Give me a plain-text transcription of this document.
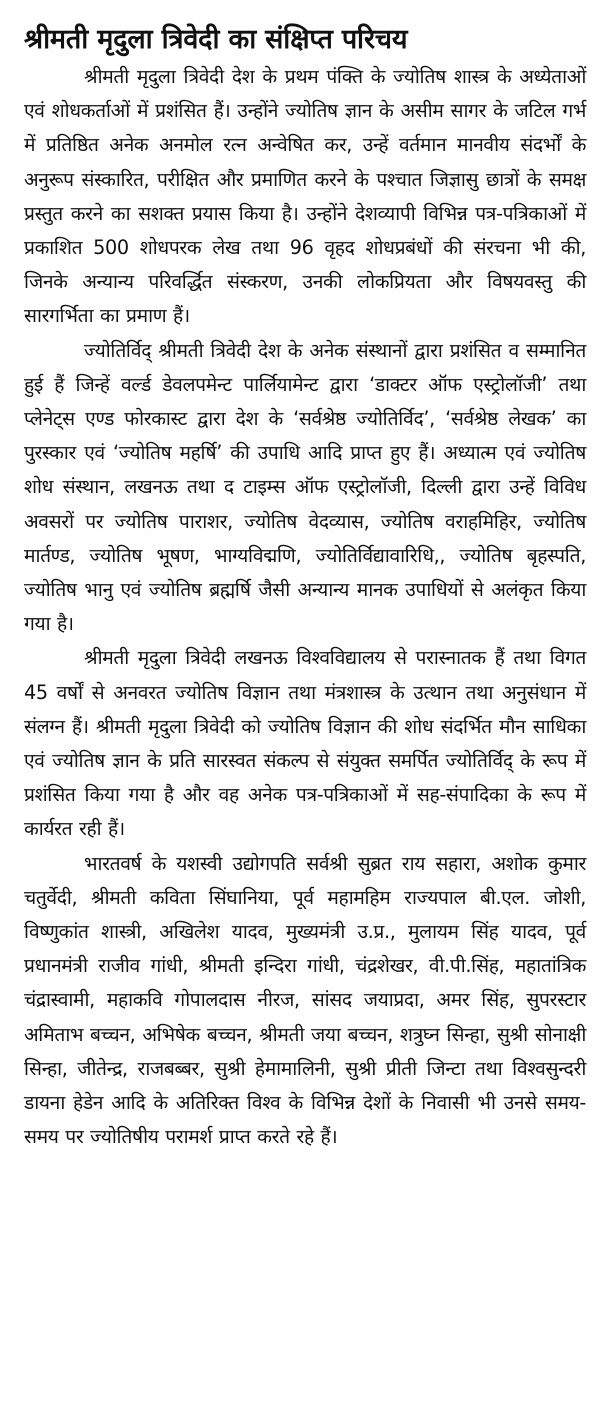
श्रीमती मृदुला त्रिवेदी का संक्षिप्त परिचय

श्रीमती मृदुला त्रिवेदी देश के प्रथम पंक्ति के ज्योतिष शास्त्र के अध्येताओं एवं शोधकर्ताओं में प्रशंसित हैं। उन्होंने ज्योतिष ज्ञान के असीम सागर के जटिल गर्भ में प्रतिष्ठित अनेक अनमोल रत्न अन्वेषित कर, उन्हें वर्तमान मानवीय संदर्भों के अनुरूप संस्कारित, परीक्षित और प्रमाणित करने के पश्चात जिज्ञासु छात्रों के समक्ष प्रस्तुत करने का सशक्त प्रयास किया है। उन्होंने देशव्यापी विभिन्न पत्र-पत्रिकाओं में प्रकाशित 500 शोधपरक लेख तथा 96 वृहद शोधप्रबंधों की संरचना भी की, जिनके अन्यान्य परिवर्द्धित संस्करण, उनकी लोकप्रियता और विषयवस्तु की सारगर्भिता का प्रमाण हैं।

ज्योतिर्विद् श्रीमती त्रिवेदी देश के अनेक संस्थानों द्वारा प्रशंसित व सम्मानित हुई हैं जिन्हें वर्ल्ड डेवलपमेन्ट पार्लियामेन्ट द्वारा ‘डाक्टर ऑफ एस्ट्रोलॉजी’ तथा प्लेनेट्स एण्ड फोरकास्ट द्वारा देश के ‘सर्वश्रेष्ठ ज्योतिर्विद’, ‘सर्वश्रेष्ठ लेखक’ का पुरस्कार एवं ‘ज्योतिष महर्षि’ की उपाधि आदि प्राप्त हुए हैं। अध्यात्म एवं ज्योतिष शोध संस्थान, लखनऊ तथा द टाइम्स ऑफ एस्ट्रोलॉजी, दिल्ली द्वारा उन्हें विविध अवसरों पर ज्योतिष पाराशर, ज्योतिष वेदव्यास, ज्योतिष वराहमिहिर, ज्योतिष मार्तण्ड, ज्योतिष भूषण, भाग्यविद्मणि, ज्योतिर्विद्यावारिधि,, ज्योतिष बृहस्पति, ज्योतिष भानु एवं ज्योतिष ब्रह्मर्षि जैसी अन्यान्य मानक उपाधियों से अलंकृत किया गया है।

श्रीमती मृदुला त्रिवेदी लखनऊ विश्वविद्यालय से परास्नातक हैं तथा विगत 45 वर्षों से अनवरत ज्योतिष विज्ञान तथा मंत्रशास्त्र के उत्थान तथा अनुसंधान में संलग्न हैं। श्रीमती मृदुला त्रिवेदी को ज्योतिष विज्ञान की शोध संदर्भित मौन साधिका एवं ज्योतिष ज्ञान के प्रति सारस्वत संकल्प से संयुक्त समर्पित ज्योतिर्विद् के रूप में प्रशंसित किया गया है और वह अनेक पत्र-पत्रिकाओं में सह-संपादिका के रूप में कार्यरत रही हैं।

भारतवर्ष के यशस्वी उद्योगपति सर्वश्री सुब्रत राय सहारा, अशोक कुमार चतुर्वेदी, श्रीमती कविता सिंघानिया, पूर्व महामहिम राज्यपाल बी.एल. जोशी, विष्णुकांत शास्त्री, अखिलेश यादव, मुख्यमंत्री उ.प्र., मुलायम सिंह यादव, पूर्व प्रधानमंत्री राजीव गांधी, श्रीमती इन्दिरा गांधी, चंद्रशेखर, वी.पी.सिंह, महातांत्रिक चंद्रास्वामी, महाकवि गोपालदास नीरज, सांसद जयाप्रदा, अमर सिंह, सुपरस्टार अमिताभ बच्चन, अभिषेक बच्चन, श्रीमती जया बच्चन, शत्रुघ्न सिन्हा, सुश्री सोनाक्षी सिन्हा, जीतेन्द्र, राजबब्बर, सुश्री हेमामालिनी, सुश्री प्रीती जिन्टा तथा विश्वसुन्दरी डायना हेडेन आदि के अतिरिक्त विश्व के विभिन्न देशों के निवासी भी उनसे समय-समय पर ज्योतिषीय परामर्श प्राप्त करते रहे हैं।
